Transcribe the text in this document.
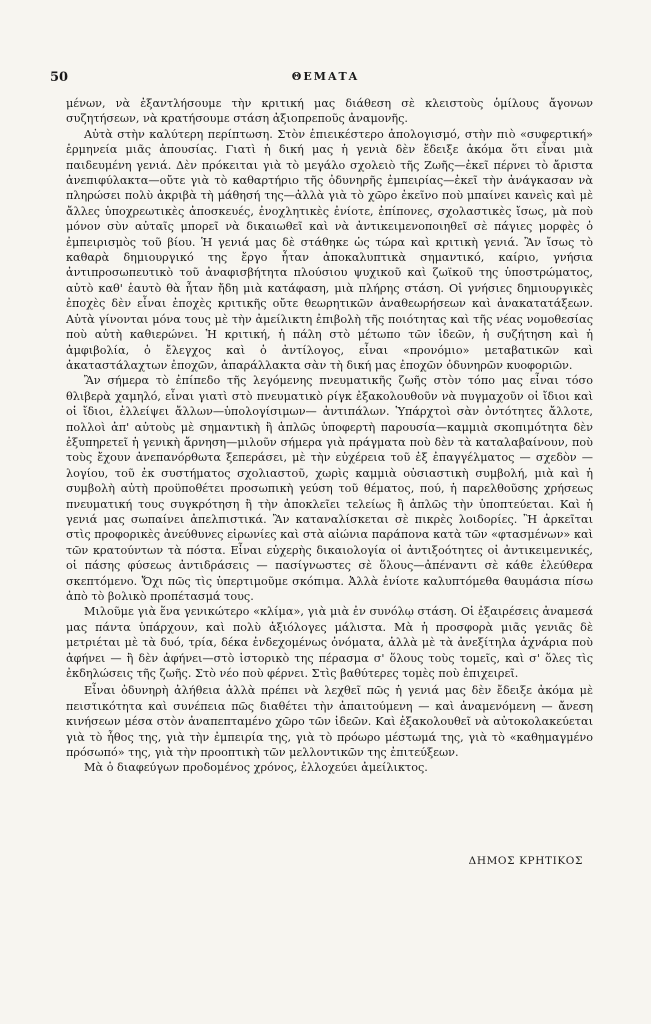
50	ΘΕΜΑΤΑ

μένων, νὰ ἐξαντλήσουμε τὴν κριτική μας διάθεση σὲ κλειστοὺς ὁμίλους ἄγονων συζητήσεων, νὰ κρατήσουμε στάση ἀξιοπρεποῦς ἀναμονῆς.

Αὐτὰ στὴν καλύτερη περίπτωση. Στὸν ἐπιεικέστερο ἀπολογισμό, στὴν πιὸ «συφερτική» ἑρμηνεία μιᾶς ἀπουσίας. Γιατὶ ἡ δική μας ἡ γενιὰ δὲν ἔδειξε ἀκόμα ὅτι εἶναι μιὰ παιδευμένη γενιά. Δὲν πρόκειται γιὰ τὸ μεγάλο σχολειὸ τῆς Ζωῆς—ἐκεῖ πέρνει τὸ ἄριστα ἀνεπιφύλακτα—οὔτε γιὰ τὸ καθαρτήριο τῆς ὀδυνηρῆς ἐμπειρίας—ἐκεῖ τὴν ἀνάγκασαν νὰ πληρώσει πολὺ ἀκριβὰ τὴ μάθησή της—ἀλλὰ γιὰ τὸ χῶρο ἐκεῖνο ποὺ μπαίνει κανεὶς καὶ μὲ ἄλλες ὑποχρεωτικὲς ἀποσκευές, ἐνοχλητικὲς ἐνίοτε, ἐπίπονες, σχολαστικὲς ἴσως, μὰ ποὺ μόνον σὺν αὐταῖς μπορεῖ νὰ δικαιωθεῖ καὶ νὰ ἀντικειμενοποιηθεῖ σὲ πάγιες μορφὲς ὁ ἐμπειρισμὸς τοῦ βίου. Ἡ γενιά μας δὲ στάθηκε ὡς τώρα καὶ κριτικὴ γενιά. Ἂν ἴσως τὸ καθαρὰ δημιουργικό της ἔργο ἦταν ἀποκαλυπτικὰ σημαντικό, καίριο, γνήσια ἀντιπροσωπευτικὸ τοῦ ἀναφισβήτητα πλούσιου ψυχικοῦ καὶ ζωϊκοῦ της ὑποστρώματος, αὐτὸ καθ' ἑαυτὸ θὰ ἦταν ἤδη μιὰ κατάφαση, μιὰ πλήρης στάση. Οἱ γνήσιες δημιουργικὲς ἐποχὲς δὲν εἶναι ἐποχὲς κριτικῆς οὔτε θεωρητικῶν ἀναθεωρήσεων καὶ ἀνακατατάξεων. Αὐτὰ γίνονται μόνα τους μὲ τὴν ἀμείλικτη ἐπιβολὴ τῆς ποιότητας καὶ τῆς νέας νομοθεσίας ποὺ αὐτὴ καθιερώνει. Ἡ κριτική, ἡ πάλη στὸ μέτωπο τῶν ἰδεῶν, ἡ συζήτηση καὶ ἡ ἀμφιβολία, ὁ ἔλεγχος καὶ ὁ ἀντίλογος, εἶναι «προνόμιο» μεταβατικῶν καὶ ἀκαταστάλαχτων ἐποχῶν, ἀπαράλλακτα σὰν τὴ δική μας ἐποχῶν ὀδυνηρῶν κυοφοριῶν.

Ἂν σήμερα τὸ ἐπίπεδο τῆς λεγόμενης πνευματικῆς ζωῆς στὸν τόπο μας εἶναι τόσο θλιβερὰ χαμηλό, εἶναι γιατὶ στὸ πνευματικὸ ρίγκ ἐξακολουθοῦν νὰ πυγμαχοῦν οἱ ἴδιοι καὶ οἱ ἴδιοι, ἐλλείψει ἄλλων—ὑπολογίσιμων— ἀντιπάλων. Ὑπάρχτοὶ σὰν ὀντότητες ἄλλοτε, πολλοὶ ἀπ' αὐτοὺς μὲ σημαντικὴ ἢ ἁπλῶς ὑποφερτὴ παρουσία—καμμιὰ σκοπιμότητα δὲν ἐξυπηρετεῖ ἡ γενικὴ ἄρνηση—μιλοῦν σήμερα γιὰ πράγματα ποὺ δὲν τὰ καταλαβαίνουν, ποὺ τοὺς ἔχουν ἀνεπανόρθωτα ξεπεράσει, μὲ τὴν εὐχέρεια τοῦ ἐξ ἐπαγγέλματος — σχεδὸν — λογίου, τοῦ ἐκ συστήματος σχολιαστοῦ, χωρὶς καμμιὰ οὐσιαστικὴ συμβολή, μιὰ καὶ ἡ συμβολὴ αὐτὴ προϋποθέτει προσωπικὴ γεύση τοῦ θέματος, πού, ἡ παρελθοῦσης χρήσεως πνευματική τους συγκρότηση ἢ τὴν ἀποκλεῖει τελείως ἢ ἁπλῶς τὴν ὑποπτεύεται. Καὶ ἡ γενιά μας σωπαίνει ἀπελπιστικά. Ἂν καταναλίσκεται σὲ πικρὲς λοιδορίες. Ἢ ἀρκεῖται στὶς προφορικὲς ἀνεύθυνες εἰρωνίες καὶ στὰ αἰώνια παράπονα κατὰ τῶν «φτασμένων» καὶ τῶν κρατούντων τὰ πόστα. Εἶναι εὐχερὴς δικαιολογία οἱ ἀντιξοότητες οἱ ἀντικειμενικές, οἱ πάσης φύσεως ἀντιδράσεις — πασίγνωστες σὲ ὅλους—ἀπέναντι σὲ κάθε ἐλεύθερα σκεπτόμενο. Ὄχι πῶς τὶς ὑπερτιμοῦμε σκόπιμα. Ἀλλὰ ἐνίοτε καλυπτόμεθα θαυμάσια πίσω ἀπὸ τὸ βολικὸ προπέτασμά τους.

Μιλοῦμε γιὰ ἕνα γενικώτερο «κλίμα», γιὰ μιὰ ἐν συνόλῳ στάση. Οἱ ἐξαιρέσεις ἀναμεσά μας πάντα ὑπάρχουν, καὶ πολὺ ἀξιόλογες μάλιστα. Μὰ ἡ προσφορὰ μιᾶς γενιᾶς δὲ μετριέται μὲ τὰ δυό, τρία, δέκα ἐνδεχομένως ὀνόματα, ἀλλὰ μὲ τὰ ἀνεξίτηλα ἀχνάρια ποὺ ἀφήνει — ἢ δὲν ἀφήνει—στὸ ἱστορικὸ της πέρασμα σ' ὅλους τοὺς τομεῖς, καὶ σ' ὅλες τὶς ἐκδηλώσεις τῆς ζωῆς. Στὸ νέο ποὺ φέρνει. Στὶς βαθύτερες τομὲς ποὺ ἐπιχειρεῖ.

Εἶναι ὀδυνηρὴ ἀλήθεια ἀλλὰ πρέπει νὰ λεχθεῖ πῶς ἡ γενιά μας δὲν ἔδειξε ἀκόμα μὲ πειστικότητα καὶ συνέπεια πῶς διαθέτει τὴν ἀπαιτούμενη — καὶ ἀναμενόμενη — ἄνεση κινήσεων μέσα στὸν ἀναπεπταμένο χῶρο τῶν ἰδεῶν. Καὶ ἐξακολουθεῖ νὰ αὐτοκολακεύεται γιὰ τὸ ἦθος της, γιὰ τὴν ἐμπειρία της, γιὰ τὸ πρόωρο μέστωμά της, γιὰ τὸ «καθημαγμένο πρόσωπό» της, γιὰ τὴν προοπτικὴ τῶν μελλοντικῶν της ἐπιτεύξεων.

Μὰ ὁ διαφεύγων προδομένος χρόνος, ἐλλοχεύει ἀμείλικτος.

ΔΗΜΟΣ ΚΡΗΤΙΚΟΣ
